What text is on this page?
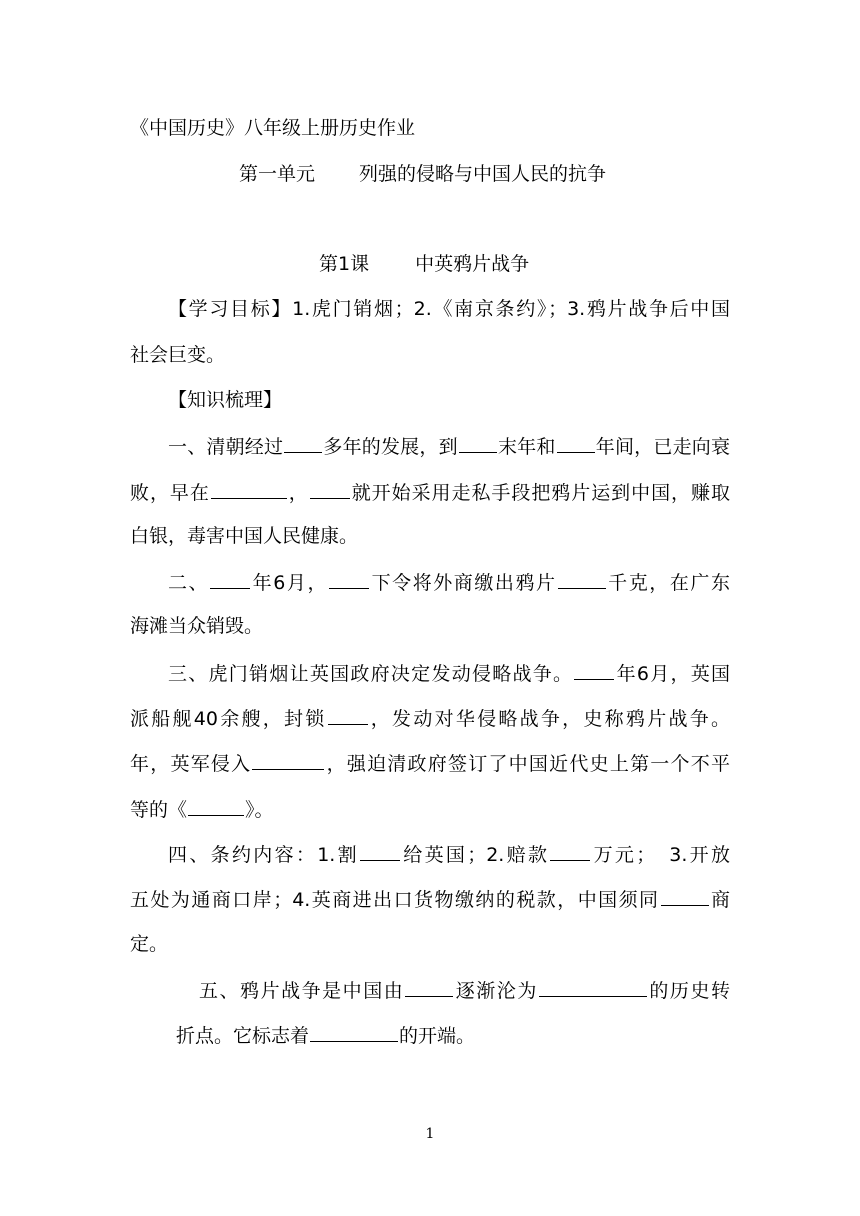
《中国历史》八年级上册历史作业
第一单元 列强的侵略与中国人民的抗争
第1课 中英鸦片战争
【学习目标】1.虎门销烟；2.《南京条约》；3.鸦片战争后中国
社会巨变。
【知识梳理】
一、清朝经过 多年的发展，到 末年和 年间，已走向衰
败，早在	， 就开始采用走私手段把鸦片运到中国，赚取
白银，毒害中国人民健康。
二、 年6月， 下令将外商缴出鸦片	千克，在广东
海滩当众销毁。
三、虎门销烟让英国政府决定发动侵略战争。 年6月，英国
派船舰40余艘，封锁 ，发动对华侵略战争，史称鸦片战争。
年，英军侵入	，强迫清政府签订了中国近代史上第一个不平
等的《	》。
四、条约内容：1.割 给英国；2.赔款 万元； 3.开放
五处为通商口岸；4.英商进出口货物缴纳的税款，中国须同	商
定。
五、鸦片战争是中国由	逐渐沦为	的历史转
折点。它标志着	的开端。
1
